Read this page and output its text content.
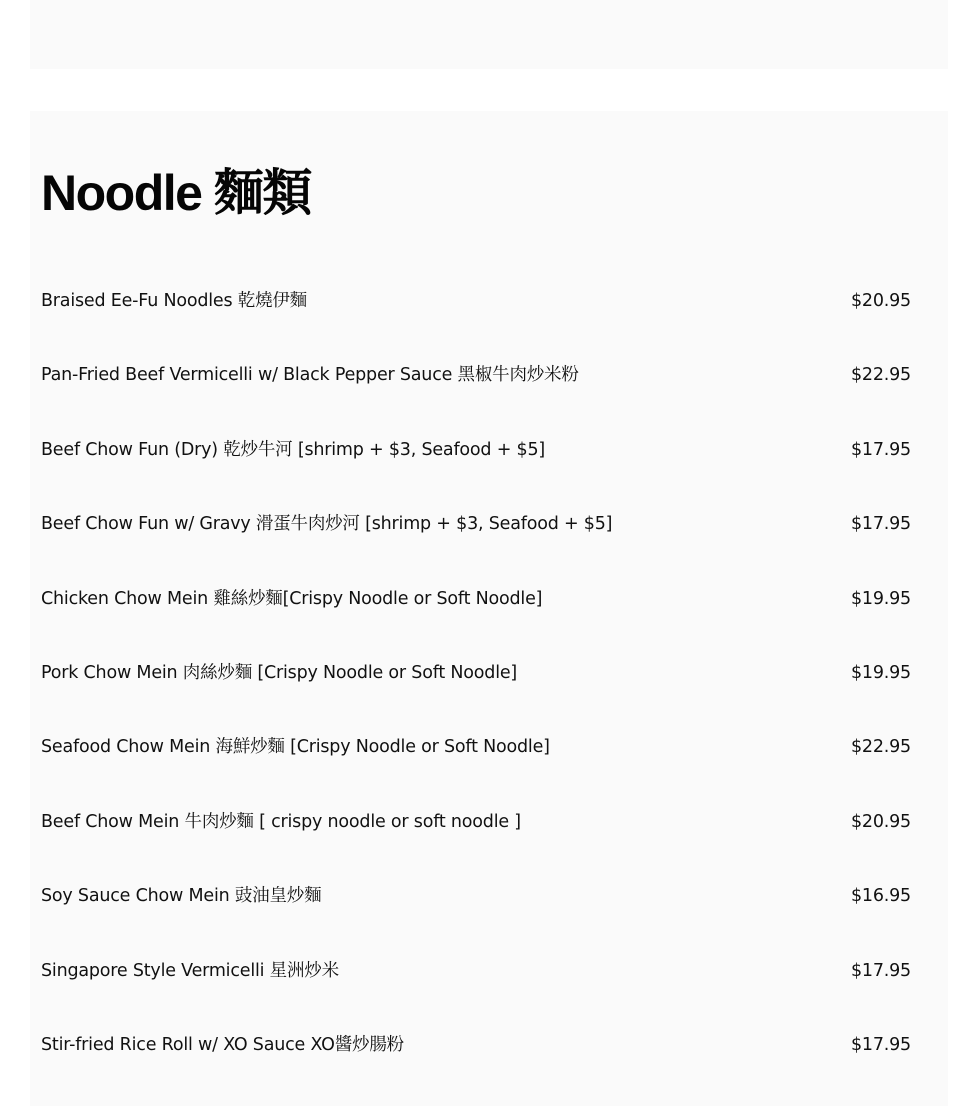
Noodle 麵類
Braised Ee-Fu Noodles 乾燒伊麵	$20.95
Pan-Fried Beef Vermicelli w/ Black Pepper Sauce 黑椒牛肉炒米粉	$22.95
Beef Chow Fun (Dry) 乾炒牛河 [shrimp + $3, Seafood + $5]	$17.95
Beef Chow Fun w/ Gravy 滑蛋牛肉炒河 [shrimp + $3, Seafood + $5]	$17.95
Chicken Chow Mein 雞絲炒麵[Crispy Noodle or Soft Noodle]	$19.95
Pork Chow Mein 肉絲炒麵 [Crispy Noodle or Soft Noodle]	$19.95
Seafood Chow Mein 海鮮炒麵 [Crispy Noodle or Soft Noodle]	$22.95
Beef Chow Mein 牛肉炒麵 [ crispy noodle or soft noodle ]	$20.95
Soy Sauce Chow Mein 豉油皇炒麵	$16.95
Singapore Style Vermicelli 星洲炒米	$17.95
Stir-fried Rice Roll w/ XO Sauce XO醬炒腸粉	$17.95
